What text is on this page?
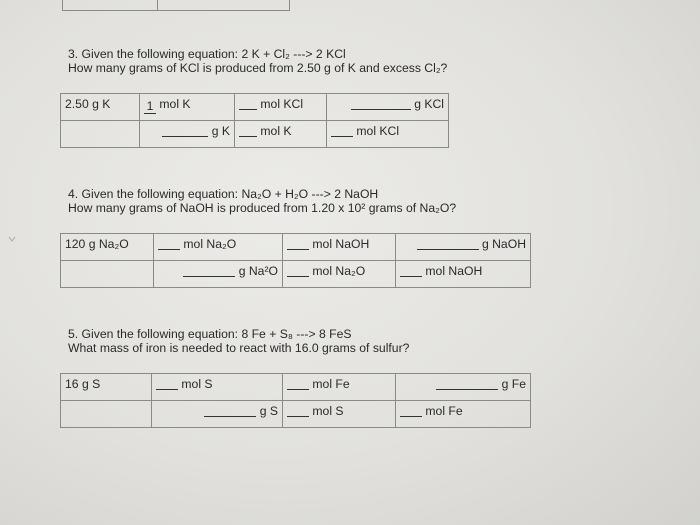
3. Given the following equation: 2 K + Cl₂ ---> 2 KCl
How many grams of KCl is produced from 2.50 g of K and excess Cl₂?
2.50 g K	1 mol K	mol KCl	g KCl

	g K	mol K	mol KCl
4. Given the following equation: Na₂O + H₂O ---> 2 NaOH
How many grams of NaOH is produced from 1.20 x 10² grams of Na₂O?
120 g Na₂O	mol Na₂O	mol NaOH	g NaOH

	g Na²O	mol Na₂O	mol NaOH
5. Given the following equation: 8 Fe + S₈ ---> 8 FeS
What mass of iron is needed to react with 16.0 grams of sulfur?
16 g S	mol S	mol Fe	g Fe

	g S	mol S	mol Fe
